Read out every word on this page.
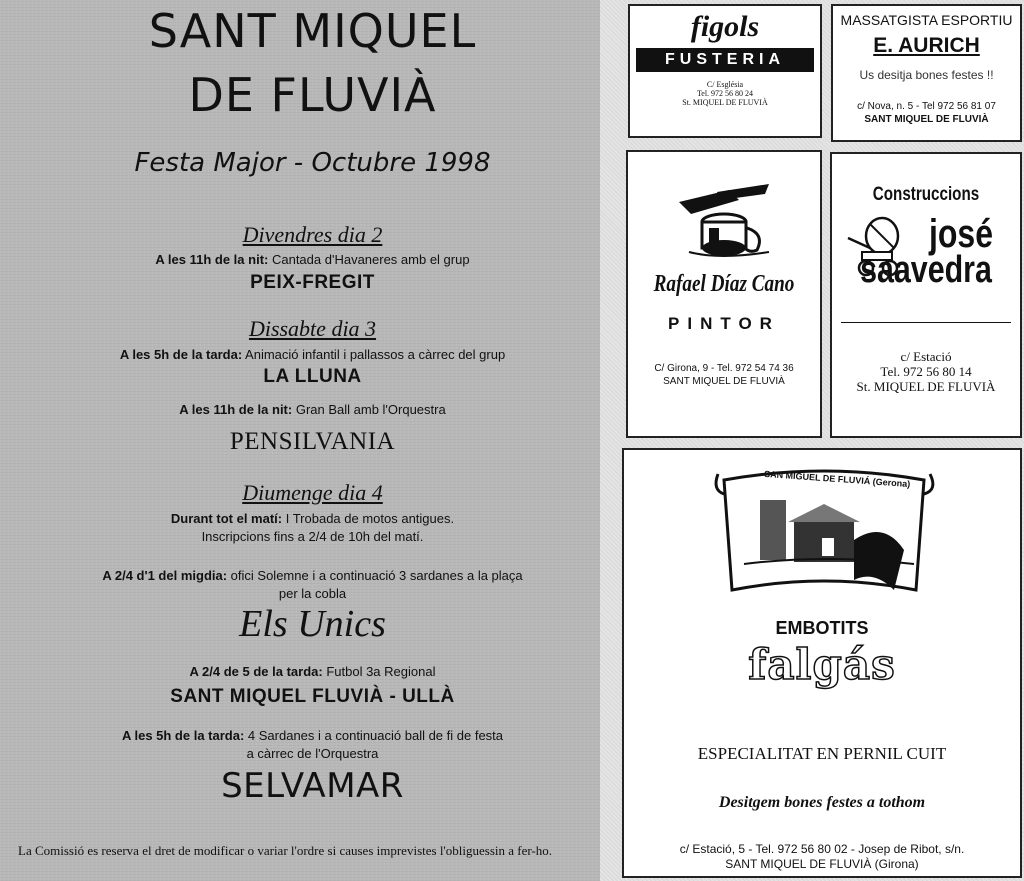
SANT MIQUEL
DE FLUVIÀ
Festa Major - Octubre 1998
Divendres dia 2
A les 11h de la nit: Cantada d'Havaneres amb el grup
PEIX-FREGIT
Dissabte dia 3
A les 5h de la tarda: Animació infantil i pallassos a càrrec del grup
LA LLUNA
A les 11h de la nit: Gran Ball amb l'Orquestra
PENSILVANIA
Diumenge dia 4
Durant tot el matí: I Trobada de motos antigues.
Inscripcions fins a 2/4 de 10h del matí.
A 2/4 d'1 del migdia: ofici Solemne i a continuació 3 sardanes a la plaça
per la cobla
Els Unics
A 2/4 de 5 de la tarda: Futbol 3a Regional
SANT MIQUEL FLUVIÀ - ULLÀ
A les 5h de la tarda: 4 Sardanes i a continuació ball de fi de festa
a càrrec de l'Orquestra
SELVAMAR
La Comissió es reserva el dret de modificar o variar l'ordre si causes imprevistes l'obliguessin a fer-ho.
figols
FUSTERIA
C/ Església
Tel. 972 56 80 24
St. MIQUEL DE FLUVIÀ
MASSATGISTA ESPORTIU
E. AURICH
Us desitja bones festes !!
c/ Nova, n. 5 - Tel 972 56 81 07
SANT MIQUEL DE FLUVIÀ
Rafael Díaz Cano
PINTOR
C/ Girona, 9 - Tel. 972 54 74 36
SANT MIQUEL DE FLUVIÀ
Construccions
josé
saavedra
c/ Estació
Tel. 972 56 80 14
St. MIQUEL DE FLUVIÀ
SAN MIGUEL DE FLUVIÁ (Gerona)
EMBOTITS
falgás
ESPECIALITAT EN PERNIL CUIT
Desitgem bones festes a tothom
c/ Estació, 5 - Tel. 972 56 80 02 - Josep de Ribot, s/n.
SANT MIQUEL DE FLUVIÀ (Girona)
